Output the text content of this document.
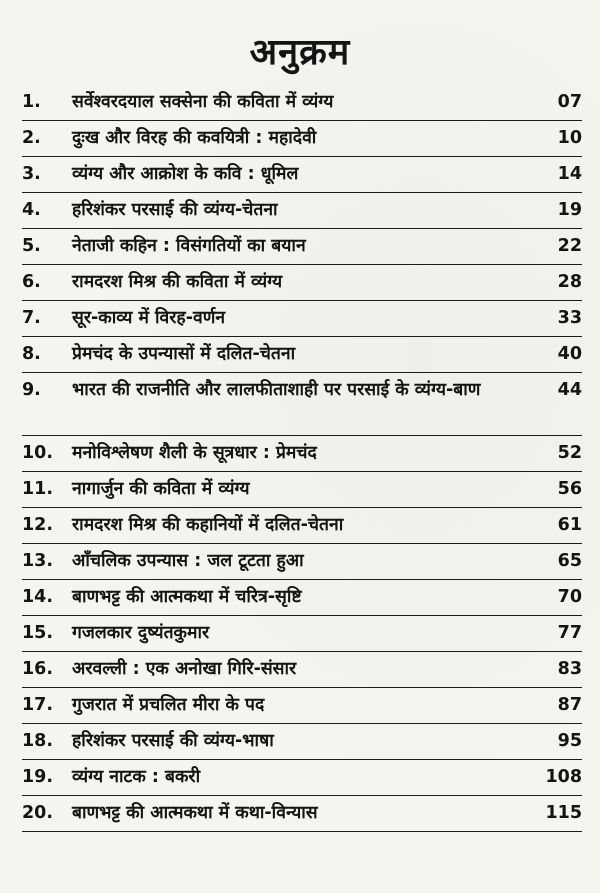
अनुक्रम
1.	सर्वेश्वरदयाल सक्सेना की कविता में व्यंग्य	07
2.	दुःख और विरह की कवयित्री : महादेवी	10
3.	व्यंग्य और आक्रोश के कवि : धूमिल	14
4.	हरिशंकर परसाई की व्यंग्य-चेतना	19
5.	नेताजी कहिन : विसंगतियों का बयान	22
6.	रामदरश मिश्र की कविता में व्यंग्य	28
7.	सूर-काव्य में विरह-वर्णन	33
8.	प्रेमचंद के उपन्यासों में दलित-चेतना	40
9.	भारत की राजनीति और लालफीताशाही पर परसाई के व्यंग्य-बाण	44
10.	मनोविश्लेषण शैली के सूत्रधार : प्रेमचंद	52
11.	नागार्जुन की कविता में व्यंग्य	56
12.	रामदरश मिश्र की कहानियों में दलित-चेतना	61
13.	आँचलिक उपन्यास : जल टूटता हुआ	65
14.	बाणभट्ट की आत्मकथा में चरित्र-सृष्टि	70
15.	गजलकार दुष्यंतकुमार	77
16.	अरवल्ली : एक अनोखा गिरि-संसार	83
17.	गुजरात में प्रचलित मीरा के पद	87
18.	हरिशंकर परसाई की व्यंग्य-भाषा	95
19.	व्यंग्य नाटक : बकरी	108
20.	बाणभट्ट की आत्मकथा में कथा-विन्यास	115
